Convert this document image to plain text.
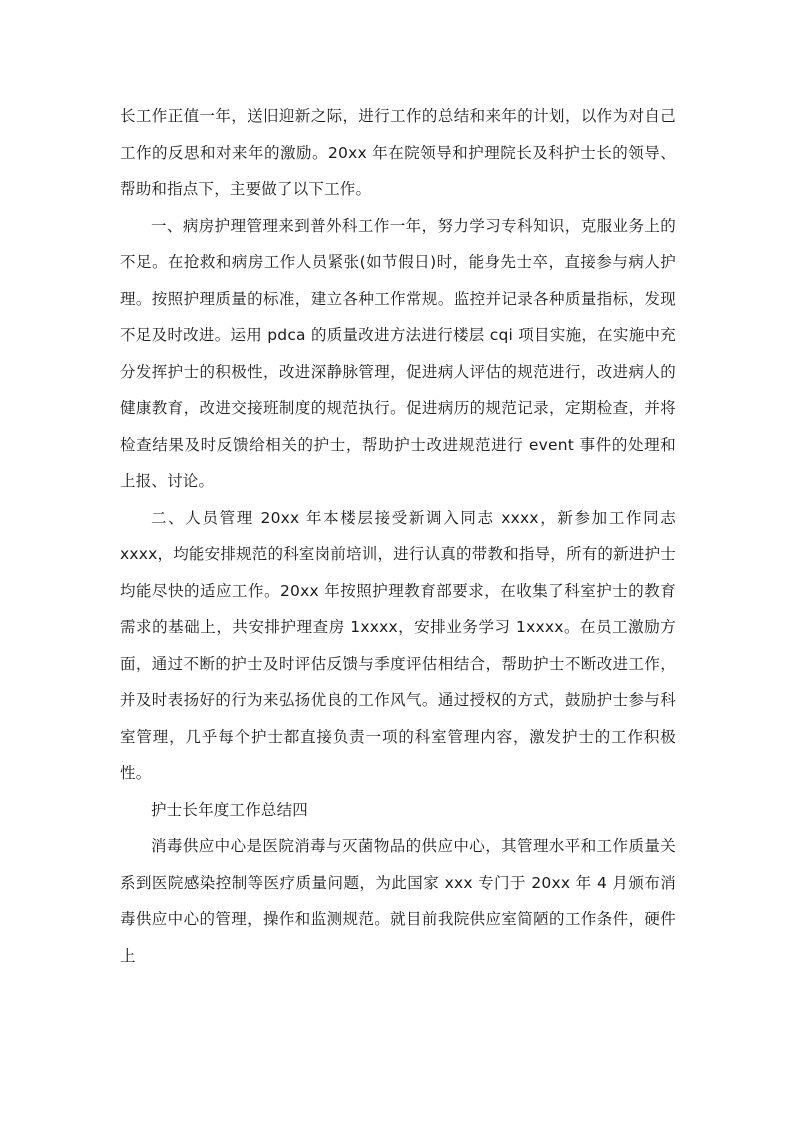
长工作正值一年，送旧迎新之际，进行工作的总结和来年的计划，以作为对自己工作的反思和对来年的激励。20xx 年在院领导和护理院长及科护士长的领导、帮助和指点下，主要做了以下工作。

一、病房护理管理来到普外科工作一年，努力学习专科知识，克服业务上的不足。在抢救和病房工作人员紧张(如节假日)时，能身先士卒，直接参与病人护理。按照护理质量的标准，建立各种工作常规。监控并记录各种质量指标，发现不足及时改进。运用 pdca 的质量改进方法进行楼层 cqi 项目实施，在实施中充分发挥护士的积极性，改进深静脉管理，促进病人评估的规范进行，改进病人的健康教育，改进交接班制度的规范执行。促进病历的规范记录，定期检查，并将检查结果及时反馈给相关的护士，帮助护士改进规范进行 event 事件的处理和上报、讨论。

二、人员管理 20xx 年本楼层接受新调入同志 xxxx，新参加工作同志 xxxx，均能安排规范的科室岗前培训，进行认真的带教和指导，所有的新进护士均能尽快的适应工作。20xx 年按照护理教育部要求，在收集了科室护士的教育需求的基础上，共安排护理查房 1xxxx，安排业务学习 1xxxx。在员工激励方面，通过不断的护士及时评估反馈与季度评估相结合，帮助护士不断改进工作，并及时表扬好的行为来弘扬优良的工作风气。通过授权的方式，鼓励护士参与科室管理，几乎每个护士都直接负责一项的科室管理内容，激发护士的工作积极性。

护士长年度工作总结四

消毒供应中心是医院消毒与灭菌物品的供应中心，其管理水平和工作质量关系到医院感染控制等医疗质量问题，为此国家 xxx 专门于 20xx 年 4 月颁布消毒供应中心的管理，操作和监测规范。就目前我院供应室简陋的工作条件，硬件上
